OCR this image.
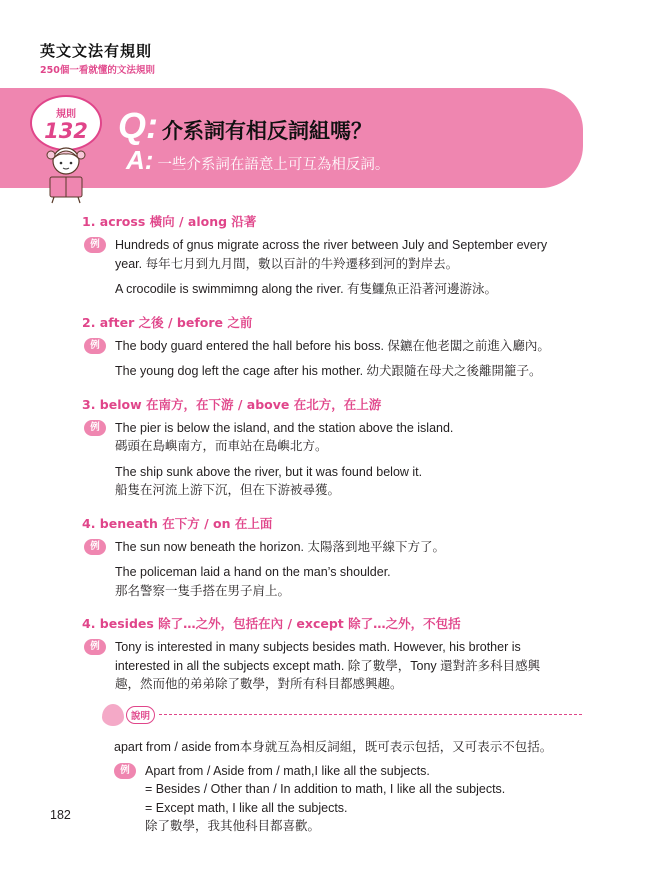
英文文法有規則
250個一看就懂的文法規則
規則
132 Q: 介系詞有相反詞組嗎？
A: 一些介系詞在語意上可互為相反詞。
1. across 橫向 / along 沿著
例	Hundreds of gnus migrate across the river between July and September every
year. 每年七月到九月間，數以百計的牛羚遷移到河的對岸去。
A crocodile is swimmimng along the river. 有隻鱷魚正沿著河邊游泳。
2. after 之後 / before 之前
例	The body guard entered the hall before his boss. 保鑣在他老闆之前進入廳內。
The young dog left the cage after his mother. 幼犬跟隨在母犬之後離開籠子。
3. below 在南方，在下游 / above 在北方，在上游
例	The pier is below the island, and the station above the island.
碼頭在島嶼南方，而車站在島嶼北方。
The ship sunk above the river, but it was found below it.
船隻在河流上游下沉，但在下游被尋獲。
4. beneath 在下方 / on 在上面
例	The sun now beneath the horizon. 太陽落到地平線下方了。
The policeman laid a hand on the man’s shoulder.
那名警察一隻手搭在男子肩上。
4. besides 除了…之外，包括在內 / except 除了…之外，不包括
例	Tony is interested in many subjects besides math. However, his brother is
interested in all the subjects except math. 除了數學，Tony 還對許多科目感興
趣，然而他的弟弟除了數學，對所有科目都感興趣。
說明
apart from / aside from本身就互為相反詞組，既可表示包括，又可表示不包括。
例	Apart from / Aside from / math,I like all the subjects.
= Besides / Other than / In addition to math, I like all the subjects.
= Except math, I like all the subjects.
除了數學，我其他科目都喜歡。
182
